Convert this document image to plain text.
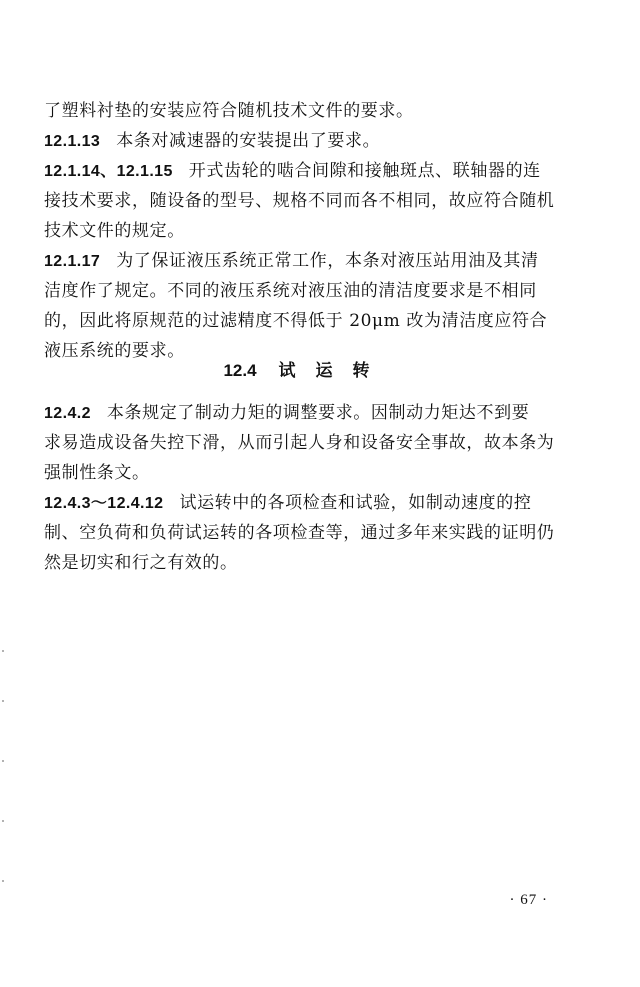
了塑料衬垫的安装应符合随机技术文件的要求。
12.1.13 本条对减速器的安装提出了要求。
12.1.14、12.1.15 开式齿轮的啮合间隙和接触斑点、联轴器的连
接技术要求，随设备的型号、规格不同而各不相同，故应符合随机
技术文件的规定。
12.1.17 为了保证液压系统正常工作，本条对液压站用油及其清
洁度作了规定。不同的液压系统对液压油的清洁度要求是不相同
的，因此将原规范的过滤精度不得低于 20μm 改为清洁度应符合
液压系统的要求。
12.4 试运转
12.4.2 本条规定了制动力矩的调整要求。因制动力矩达不到要
求易造成设备失控下滑，从而引起人身和设备安全事故，故本条为
强制性条文。
12.4.3～12.4.12 试运转中的各项检查和试验，如制动速度的控
制、空负荷和负荷试运转的各项检查等，通过多年来实践的证明仍
然是切实和行之有效的。
· 67 ·
